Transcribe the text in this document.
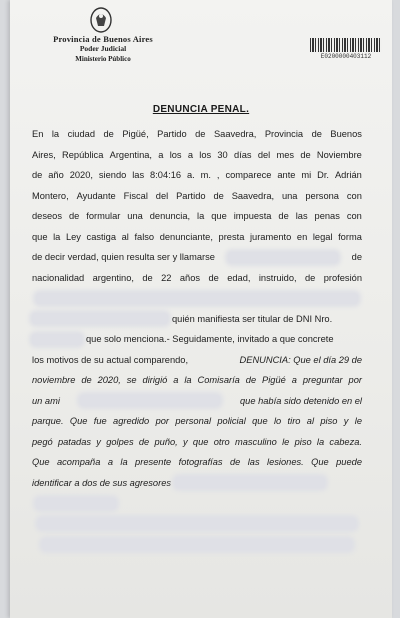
Provincia de Buenos Aires
Poder Judicial
Ministerio Público	E0200000403112
DENUNCIA PENAL.
En la ciudad de Pigüé, Partido de Saavedra, Provincia de Buenos
Aires, República Argentina, a los a los 30 días del mes de Noviembre
de año 2020, siendo las 8:04:16 a. m. , comparece ante mi Dr. Adrián
Montero, Ayudante Fiscal del Partido de Saavedra, una persona con
deseos de formular una denuncia, la que impuesta de las penas con
que la Ley castiga al falso denunciante, presta juramento en legal forma
de decir verdad, quien resulta ser y llamarse	de
nacionalidad argentino, de 22 años de edad, instruido, de profesión
quién manifiesta ser titular de DNI Nro.
que solo menciona.- Seguidamente, invitado a que concrete
los motivos de su actual comparendo,	DENUNCIA: Que el día 29 de
noviembre de 2020, se dirigió a la Comisaría de Pigüé a preguntar por
un ami	que había sido detenido en el
parque. Que fue agredido por personal policial que lo tiro al piso y le
pegó patadas y golpes de puño, y que otro masculino le piso la cabeza.
Que acompaña a la presente fotografías de las lesiones. Que puede
identificar a dos de sus agresores
